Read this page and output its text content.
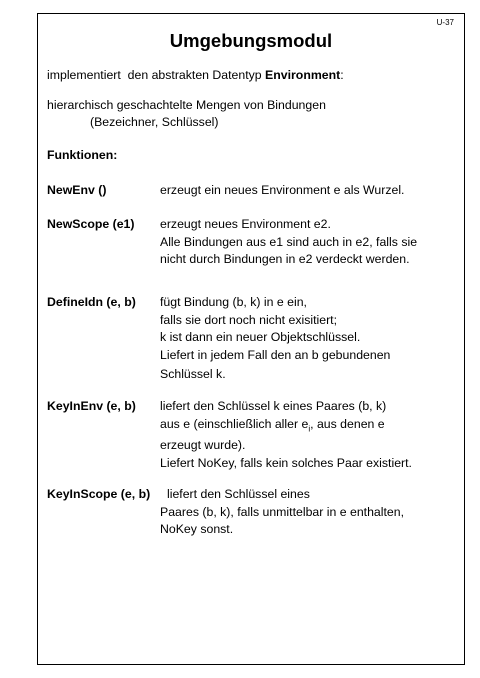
U-37
Umgebungsmodul
implementiert  den abstrakten Datentyp Environment:
hierarchisch geschachtelte Mengen von Bindungen
(Bezeichner, Schlüssel)
Funktionen:
NewEnv ()	erzeugt ein neues Environment e als Wurzel.
NewScope (e1) erzeugt neues Environment e2.
Alle Bindungen aus e1 sind auch in e2, falls sie
nicht durch Bindungen in e2 verdeckt werden.
DefineIdn (e, b) fügt Bindung (b, k) in e ein,
falls sie dort noch nicht exisitiert;
k ist dann ein neuer Objektschlüssel.
Liefert in jedem Fall den an b gebundenen
Schlüssel k.
KeyInEnv (e, b) liefert den Schlüssel k eines Paares (b, k)
aus e (einschließlich aller $e_i$, aus denen e
erzeugt wurde).
Liefert NoKey, falls kein solches Paar existiert.
KeyInScope (e, b) liefert den Schlüssel eines
Paares (b, k), falls unmittelbar in e enthalten,
NoKey sonst.
